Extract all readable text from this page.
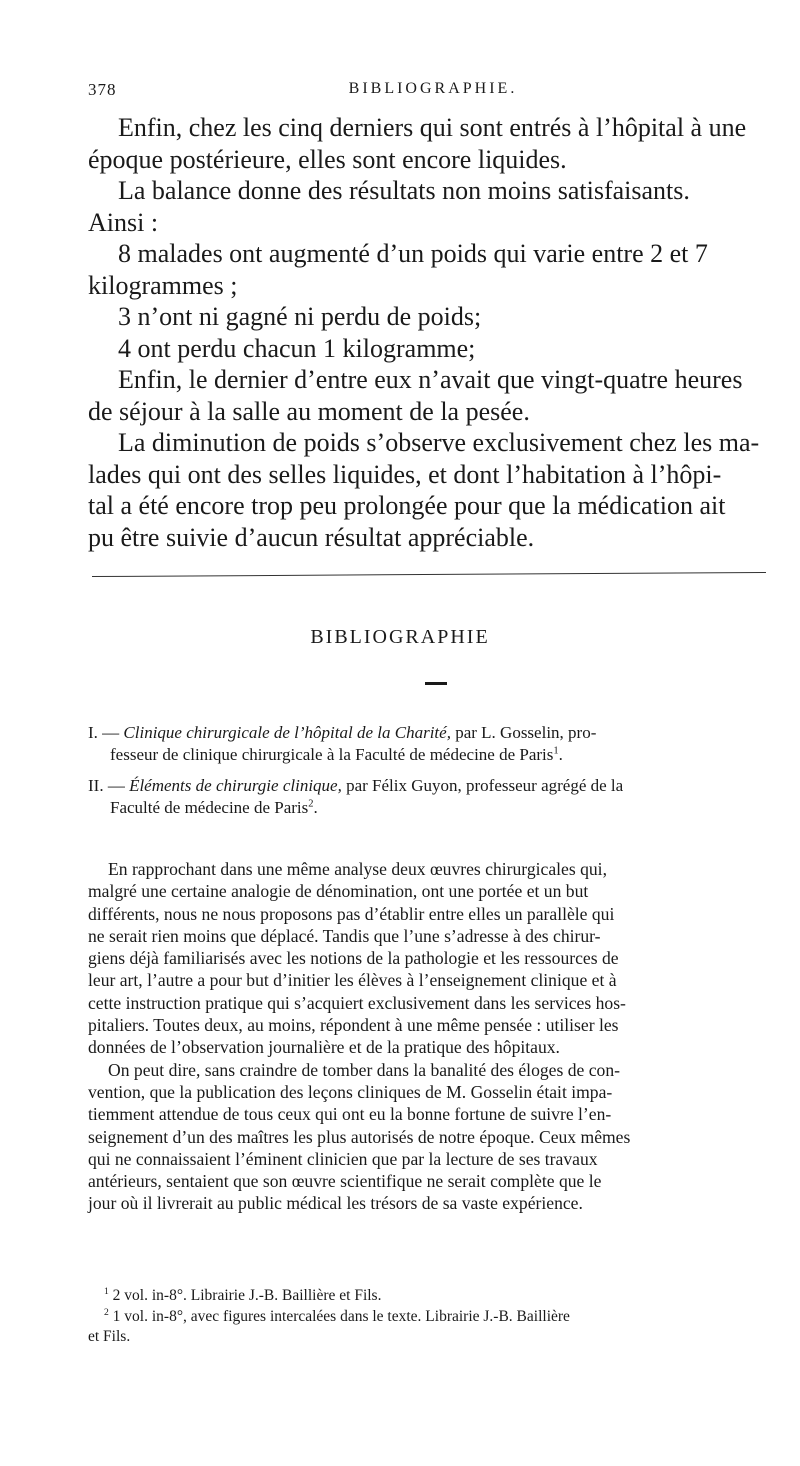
378	BIBLIOGRAPHIE.

Enfin, chez les cinq derniers qui sont entrés à l’hôpital à une

époque postérieure, elles sont encore liquides.

La balance donne des résultats non moins satisfaisants.

Ainsi :

8 malades ont augmenté d’un poids qui varie entre 2 et 7

kilogrammes ;

3 n’ont ni gagné ni perdu de poids;

4 ont perdu chacun 1 kilogramme;

Enfin, le dernier d’entre eux n’avait que vingt-quatre heures

de séjour à la salle au moment de la pesée.

La diminution de poids s’observe exclusivement chez les ma-

lades qui ont des selles liquides, et dont l’habitation à l’hôpi-

tal a été encore trop peu prolongée pour que la médication ait

pu être suivie d’aucun résultat appréciable.

BIBLIOGRAPHIE
I. — Clinique chirurgicale de l’hôpital de la Charité, par L. Gosselin, pro-
fesseur de clinique chirurgicale à la Faculté de médecine de Paris$^1$.
II. — Éléments de chirurgie clinique, par Félix Guyon, professeur agrégé de la
Faculté de médecine de Paris$^2$.

En rapprochant dans une même analyse deux œuvres chirurgicales qui,

malgré une certaine analogie de dénomination, ont une portée et un but

différents, nous ne nous proposons pas d’établir entre elles un parallèle qui

ne serait rien moins que déplacé. Tandis que l’une s’adresse à des chirur-

giens déjà familiarisés avec les notions de la pathologie et les ressources de

leur art, l’autre a pour but d’initier les élèves à l’enseignement clinique et à

cette instruction pratique qui s’acquiert exclusivement dans les services hos-

pitaliers. Toutes deux, au moins, répondent à une même pensée : utiliser les

données de l’observation journalière et de la pratique des hôpitaux.

On peut dire, sans craindre de tomber dans la banalité des éloges de con-

vention, que la publication des leçons cliniques de M. Gosselin était impa-

tiemment attendue de tous ceux qui ont eu la bonne fortune de suivre l’en-

seignement d’un des maîtres les plus autorisés de notre époque. Ceux mêmes

qui ne connaissaient l’éminent clinicien que par la lecture de ses travaux

antérieurs, sentaient que son œuvre scientifique ne serait complète que le

jour où il livrerait au public médical les trésors de sa vaste expérience.

$^1$ 2 vol. in-8°. Librairie J.-B. Baillière et Fils.

$^2$ 1 vol. in-8°, avec figures intercalées dans le texte. Librairie J.-B. Baillière

et Fils.
